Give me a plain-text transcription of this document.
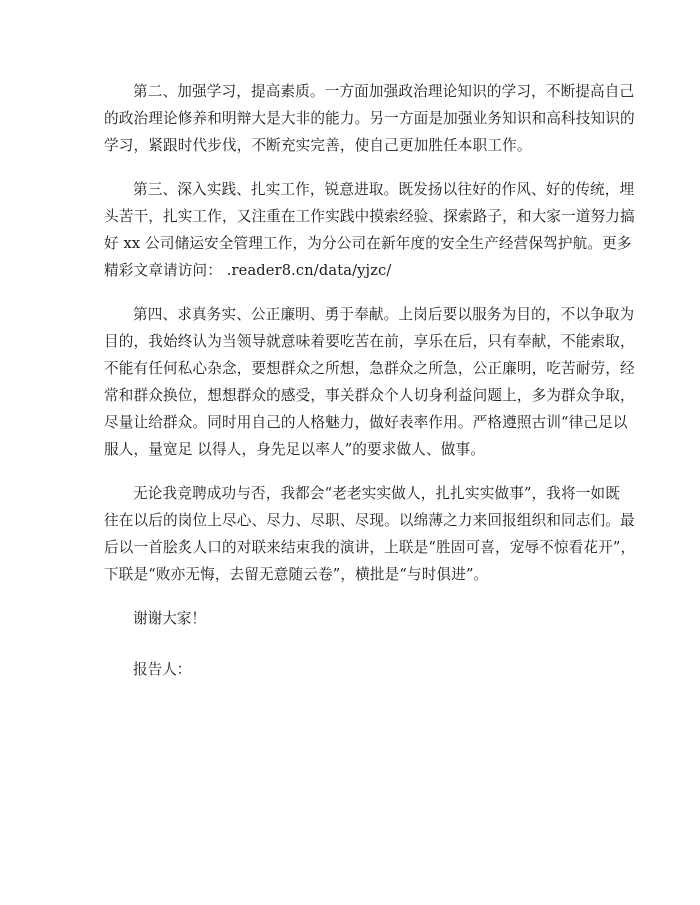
第二、加强学习，提高素质。一方面加强政治理论知识的学习，不断提高自己
的政治理论修养和明辩大是大非的能力。另一方面是加强业务知识和高科技知识的
学习，紧跟时代步伐，不断充实完善，使自己更加胜任本职工作。

第三、深入实践、扎实工作，锐意进取。既发扬以往好的作风、好的传统，埋
头苦干，扎实工作，又注重在工作实践中摸索经验、探索路子，和大家一道努力搞
好 xx 公司储运安全管理工作，为分公司在新年度的安全生产经营保驾护航。更多
精彩文章请访问： .reader8.cn/data/yjzc/

第四、求真务实、公正廉明、勇于奉献。上岗后要以服务为目的，不以争取为
目的，我始终认为当领导就意味着要吃苦在前，享乐在后，只有奉献，不能索取，
不能有任何私心杂念，要想群众之所想，急群众之所急，公正廉明，吃苦耐劳，经
常和群众换位，想想群众的感受，事关群众个人切身利益问题上，多为群众争取，
尽量让给群众。同时用自己的人格魅力，做好表率作用。严格遵照古训“律己足以
服人，量宽足 以得人，身先足以率人”的要求做人、做事。

无论我竞聘成功与否，我都会“老老实实做人，扎扎实实做事”，我将一如既
往在以后的岗位上尽心、尽力、尽职、尽现。以绵薄之力来回报组织和同志们。最
后以一首脍炙人口的对联来结束我的演讲，上联是“胜固可喜，宠辱不惊看花开”，
下联是“败亦无悔，去留无意随云卷”，横批是“与时俱进”。

谢谢大家！

报告人：
